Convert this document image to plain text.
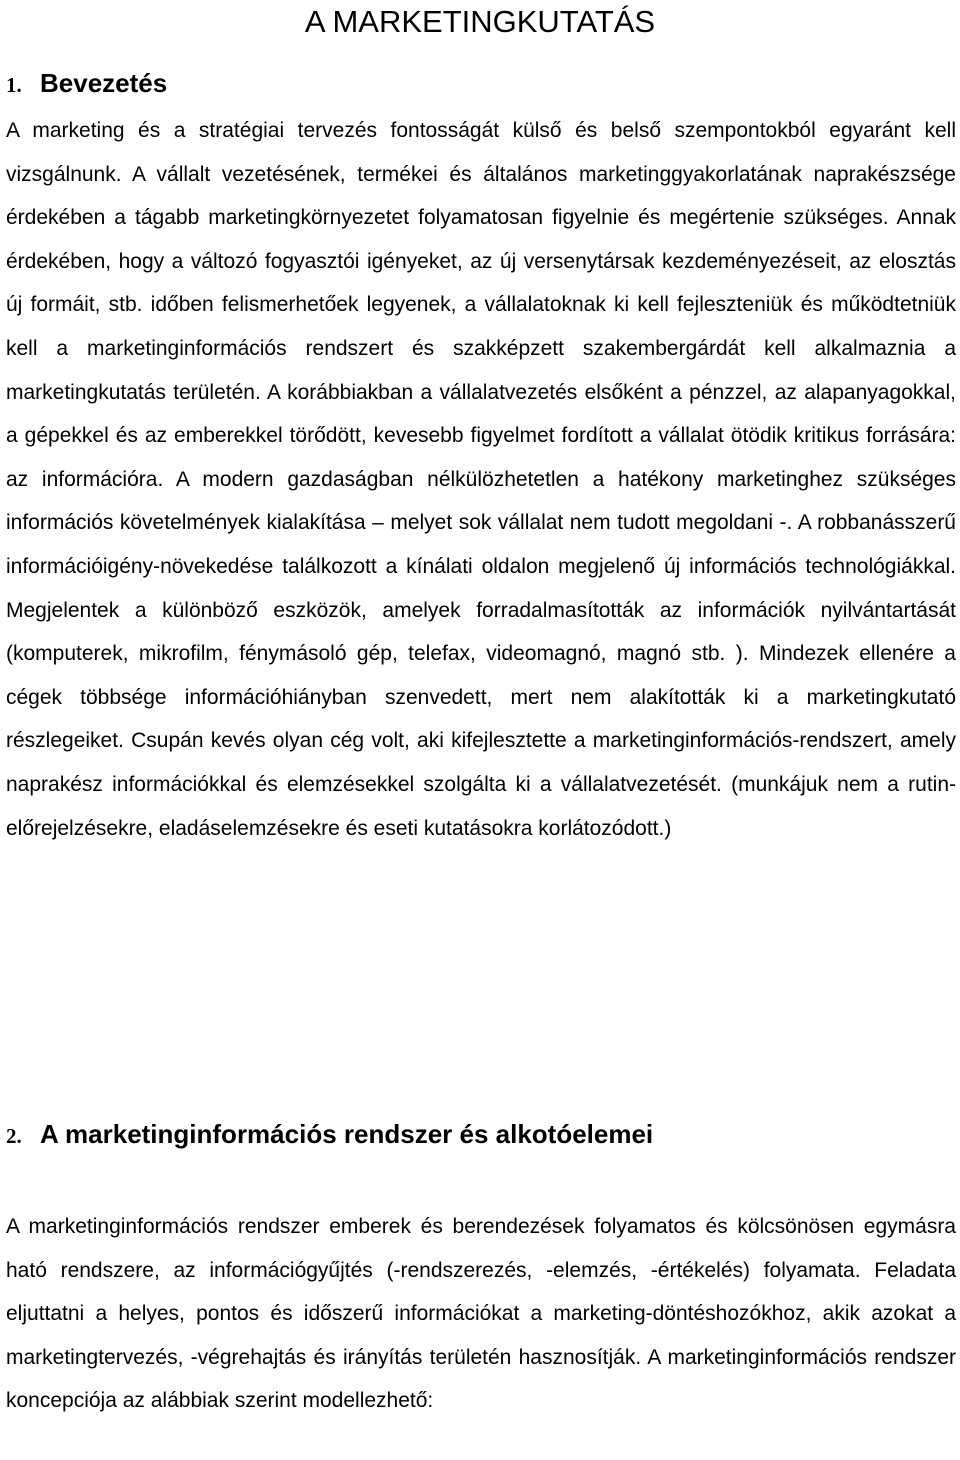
A MARKETINGKUTATÁS
1. Bevezetés

A marketing és a stratégiai tervezés fontosságát külső és belső szempontokból egyaránt kell vizsgálnunk. A vállalt vezetésének, termékei és általános marketinggyakorlatának naprakészsége érdekében a tágabb marketingkörnyezetet folyamatosan figyelnie és megértenie szükséges. Annak érdekében, hogy a változó fogyasztói igényeket, az új versenytársak kezdeményezéseit, az elosztás új formáit, stb. időben felismerhetőek legyenek, a vállalatoknak ki kell fejleszteniük és működtetniük kell a marketinginformációs rendszert és szakképzett szakembergárdát kell alkalmaznia a marketingkutatás területén. A korábbiakban a vállalatvezetés elsőként a pénzzel, az alapanyagokkal, a gépekkel és az emberekkel törődött, kevesebb figyelmet fordított a vállalat ötödik kritikus forrására: az információra. A modern gazdaságban nélkülözhetetlen a hatékony marketinghez szükséges információs követelmények kialakítása – melyet sok vállalat nem tudott megoldani -. A robbanásszerű információigény-növekedése találkozott a kínálati oldalon megjelenő új információs technológiákkal. Megjelentek a különböző eszközök, amelyek forradalmasították az információk nyilvántartását (komputerek, mikrofilm, fénymásoló gép, telefax, videomagnó, magnó stb. ). Mindezek ellenére a cégek többsége információhiányban szenvedett, mert nem alakították ki a marketingkutató részlegeiket. Csupán kevés olyan cég volt, aki kifejlesztette a marketinginformációs-rendszert, amely naprakész információkkal és elemzésekkel szolgálta ki a vállalatvezetését. (munkájuk nem a rutin-előrejelzésekre, eladáselemzésekre és eseti kutatásokra korlátozódott.)

2. A marketinginformációs rendszer és alkotóelemei

A marketinginformációs rendszer emberek és berendezések folyamatos és kölcsönösen egymásra ható rendszere, az információgyűjtés (-rendszerezés, -elemzés, -értékelés) folyamata. Feladata eljuttatni a helyes, pontos és időszerű információkat a marketing-döntéshozókhoz, akik azokat a marketingtervezés, -végrehajtás és irányítás területén hasznosítják. A marketinginformációs rendszer koncepciója az alábbiak szerint modellezhető:
